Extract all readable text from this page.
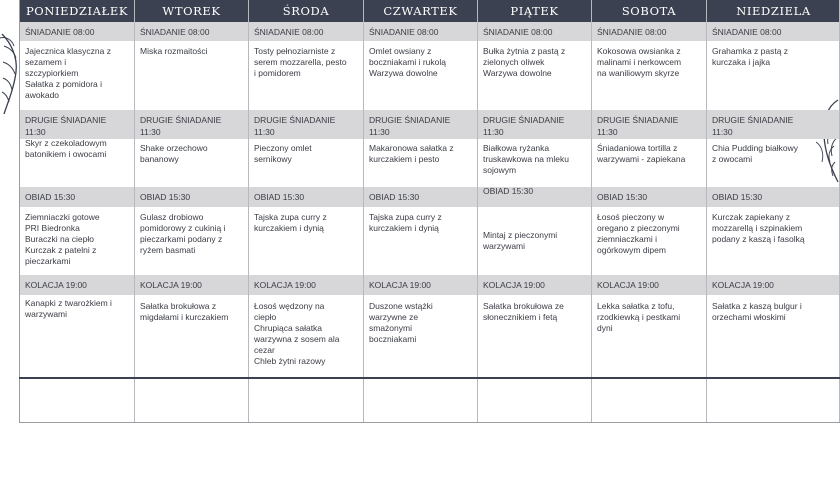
PONIEDZIAŁEK
ŚNIADANIE 08:00
Jajecznica klasyczna z
sezamem i
szczypiorkiem
Sałatka z pomidora i
awokado
DRUGIE ŚNIADANIE
11:30
Skyr z czekoladowym
batonikiem i owocami
OBIAD 15:30
Ziemniaczki gotowe
PRI Biedronka
Buraczki na ciepło
Kurczak z patelni z
pieczarkami
KOLACJA 19:00
Kanapki z twarożkiem i
warzywami
WTOREK
ŚNIADANIE 08:00
Miska rozmaitości
DRUGIE ŚNIADANIE
11:30
Shake orzechowo
bananowy
OBIAD 15:30
Gulasz drobiowo
pomidorowy z cukinią i
pieczarkami podany z
ryżem basmati
KOLACJA 19:00
Sałatka brokułowa z
migdałami i kurczakiem
ŚRODA
ŚNIADANIE 08:00
Tosty pełnoziarniste z
serem mozzarella, pesto
i pomidorem
DRUGIE ŚNIADANIE
11:30
Pieczony omlet
sernikowy
OBIAD 15:30
Tajska zupa curry z
kurczakiem i dynią
KOLACJA 19:00
Łosoś wędzony na
ciepło
Chrupiąca sałatka
warzywna z sosem ala
cezar
Chleb żytni razowy
CZWARTEK
ŚNIADANIE 08:00
Omlet owsiany z
boczniakami i rukolą
Warzywa dowolne
DRUGIE ŚNIADANIE
11:30
Makaronowa sałatka z
kurczakiem i pesto
OBIAD 15:30
Tajska zupa curry z
kurczakiem i dynią
KOLACJA 19:00
Duszone wstążki
warzywne ze
smażonymi
boczniakami
PIĄTEK
ŚNIADANIE 08:00
Bułka żytnia z pastą z
zielonych oliwek
Warzywa dowolne
DRUGIE ŚNIADANIE
11:30
Białkowa ryżanka
truskawkowa na mleku
sojowym
OBIAD 15:30
Mintaj z pieczonymi
warzywami
KOLACJA 19:00
Sałatka brokułowa ze
słonecznikiem i fetą
SOBOTA
ŚNIADANIE 08:00
Kokosowa owsianka z
malinami i nerkowcem
na waniliowym skyrze
DRUGIE ŚNIADANIE
11:30
Śniadaniowa tortilla z
warzywami - zapiekana
OBIAD 15:30
Łosoś pieczony w
oregano z pieczonymi
ziemniaczkami i
ogórkowym dipem
KOLACJA 19:00
Lekka sałatka z tofu,
rzodkiewką i pestkami
dyni
NIEDZIELA
ŚNIADANIE 08:00
Grahamka z pastą z
kurczaka i jajka
DRUGIE ŚNIADANIE
11:30
Chia Pudding białkowy
z owocami
OBIAD 15:30
Kurczak zapiekany z
mozzarellą i szpinakiem
podany z kaszą i fasolką
KOLACJA 19:00
Sałatka z kaszą bulgur i
orzechami włoskimi
